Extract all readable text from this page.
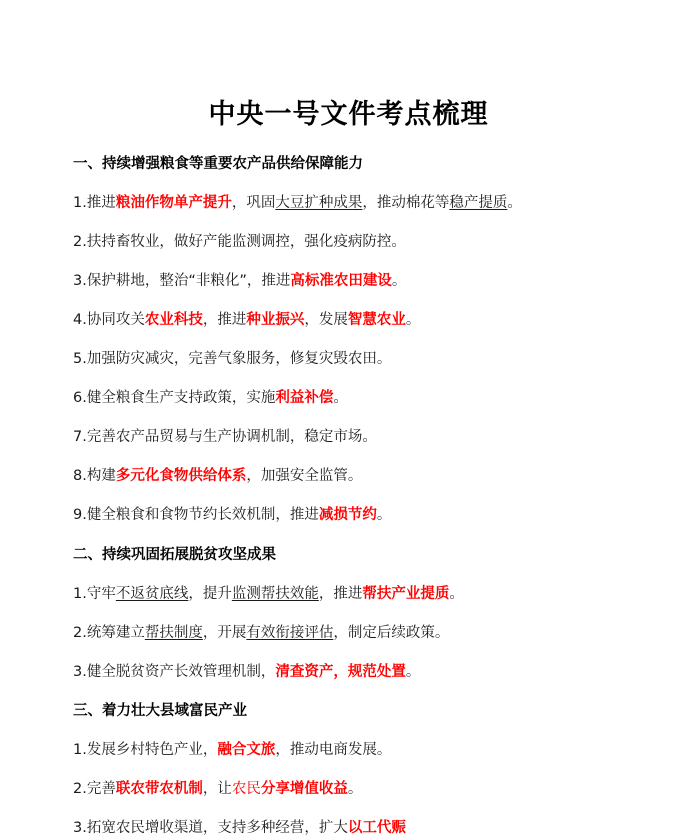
中央一号文件考点梳理
一、持续增强粮食等重要农产品供给保障能力
1.推进粮油作物单产提升，巩固大豆扩种成果，推动棉花等稳产提质。
2.扶持畜牧业，做好产能监测调控，强化疫病防控。
3.保护耕地，整治“非粮化”，推进高标准农田建设。
4.协同攻关农业科技，推进种业振兴，发展智慧农业。
5.加强防灾减灾，完善气象服务，修复灾毁农田。
6.健全粮食生产支持政策，实施利益补偿。
7.完善农产品贸易与生产协调机制，稳定市场。
8.构建多元化食物供给体系，加强安全监管。
9.健全粮食和食物节约长效机制，推进减损节约。
二、持续巩固拓展脱贫攻坚成果
1.守牢不返贫底线，提升监测帮扶效能，推进帮扶产业提质。
2.统筹建立帮扶制度，开展有效衔接评估，制定后续政策。
3.健全脱贫资产长效管理机制，清查资产，规范处置。
三、着力壮大县域富民产业
1.发展乡村特色产业，融合文旅，推动电商发展。
2.完善联农带农机制，让农民分享增值收益。
3.拓宽农民增收渠道，支持多种经营，扩大以工代赈
